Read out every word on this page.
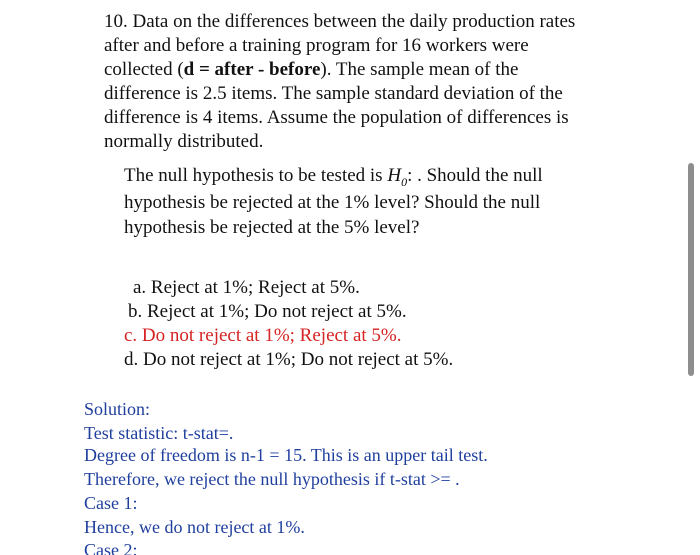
10. Data on the differences between the daily production rates

after and before a training program for 16 workers were

collected (d = after - before). The sample mean of the

difference is 2.5 items. The sample standard deviation of the

difference is 4 items. Assume the population of differences is

normally distributed.

The null hypothesis to be tested is $H_0$: . Should the null

hypothesis be rejected at the 1% level? Should the null

hypothesis be rejected at the 5% level?

a. Reject at 1%; Reject at 5%.

b. Reject at 1%; Do not reject at 5%.

c. Do not reject at 1%; Reject at 5%.

d. Do not reject at 1%; Do not reject at 5%.

Solution:

Test statistic: t-stat=.

Degree of freedom is n-1 = 15. This is an upper tail test.

Therefore, we reject the null hypothesis if t-stat >= .

Case 1:

Hence, we do not reject at 1%.

Case 2:
